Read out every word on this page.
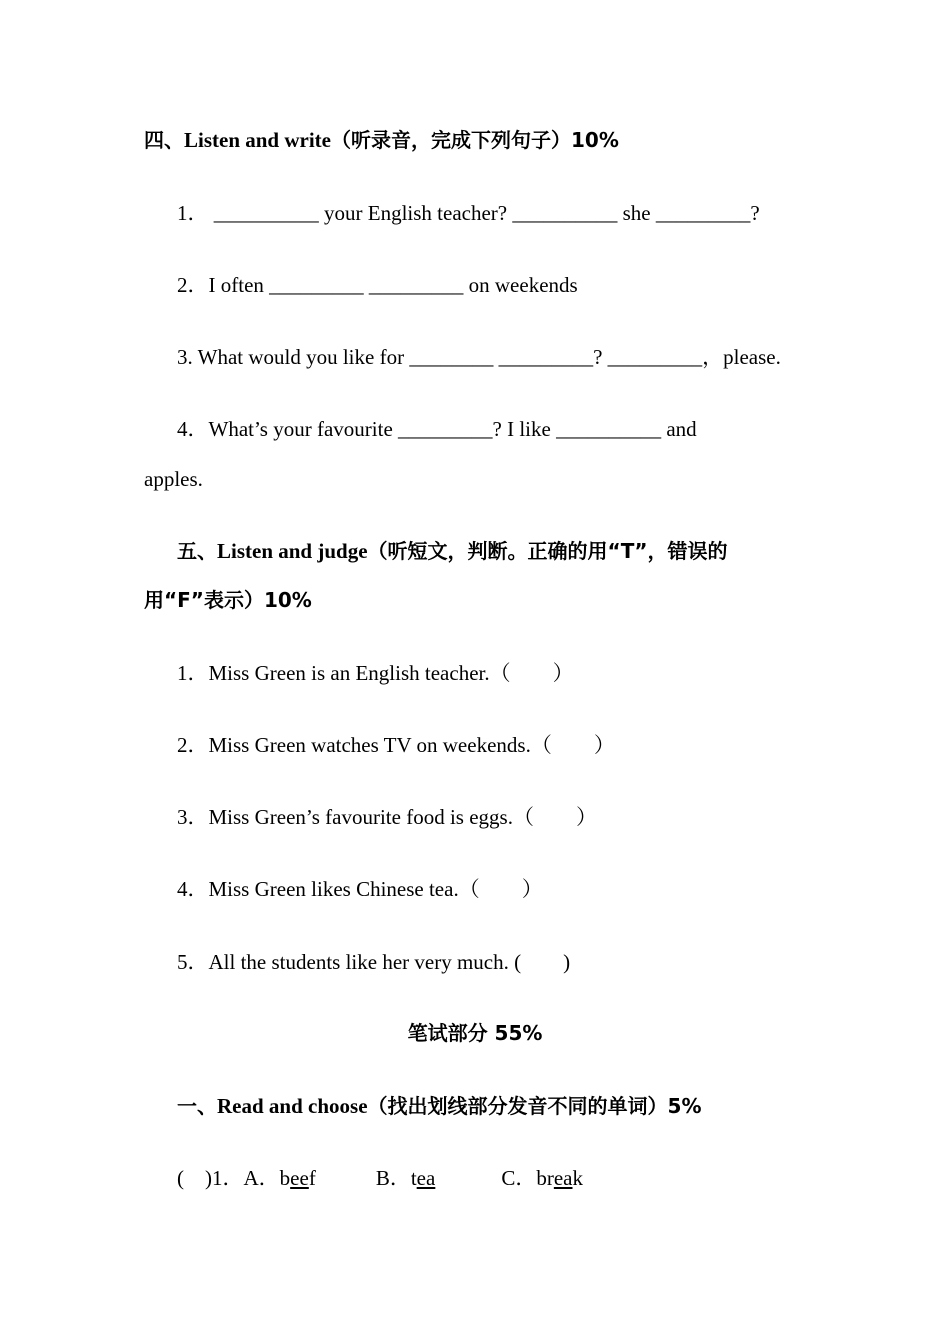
四、Listen and write（听录音，完成下列句子）10%
1． __________ your English teacher? __________ she _________?
2．I often _________ _________ on weekends
3. What would you like for ________ _________? _________，please.
4．What’s your favourite _________? I like __________ and
apples.
五、Listen and judge（听短文，判断。正确的用“T”，错误的
用“F”表示）10%
1．Miss Green is an English teacher.（　　）
2．Miss Green watches TV on weekends.（　　）
3．Miss Green’s favourite food is eggs.（　　）
4．Miss Green likes Chinese tea.（　　）
5．All the students like her very much. (　　)
笔试部分 55%
一、Read and choose（找出划线部分发音不同的单词）5%
(　)1．A．beef	B．tea	C．break
